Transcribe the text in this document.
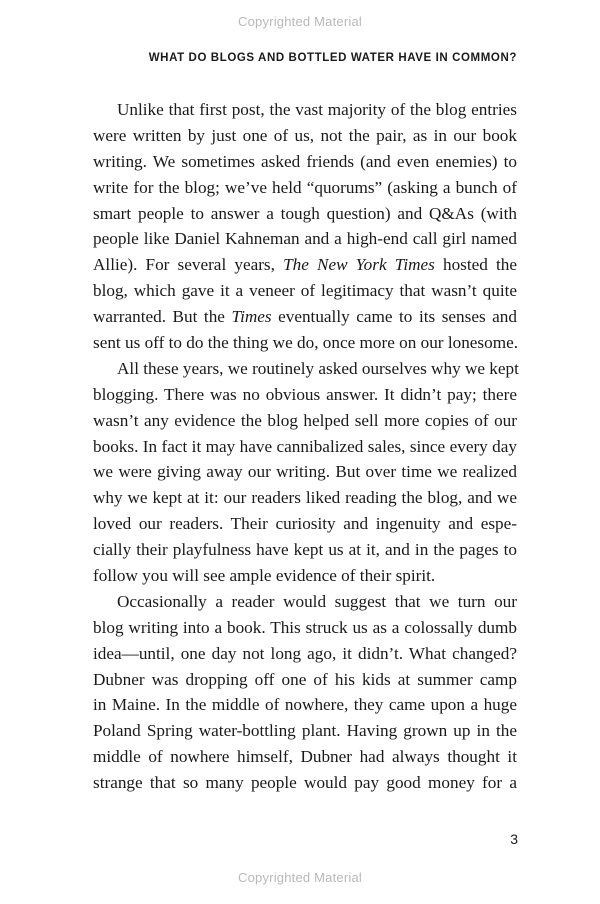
Copyrighted Material
WHAT DO BLOGS AND BOTTLED WATER HAVE IN COMMON?
Unlike that first post, the vast majority of the blog entries
were written by just one of us, not the pair, as in our book
writing. We sometimes asked friends (and even enemies) to
write for the blog; we’ve held “quorums” (asking a bunch of
smart people to answer a tough question) and Q&As (with
people like Daniel Kahneman and a high-end call girl named
Allie). For several years, The New York Times hosted the
blog, which gave it a veneer of legitimacy that wasn’t quite
warranted. But the Times eventually came to its senses and
sent us off to do the thing we do, once more on our lonesome.
All these years, we routinely asked ourselves why we kept
blogging. There was no obvious answer. It didn’t pay; there
wasn’t any evidence the blog helped sell more copies of our
books. In fact it may have cannibalized sales, since every day
we were giving away our writing. But over time we realized
why we kept at it: our readers liked reading the blog, and we
loved our readers. Their curiosity and ingenuity and espe-
cially their playfulness have kept us at it, and in the pages to
follow you will see ample evidence of their spirit.
Occasionally a reader would suggest that we turn our
blog writing into a book. This struck us as a colossally dumb
idea—until, one day not long ago, it didn’t. What changed?
Dubner was dropping off one of his kids at summer camp
in Maine. In the middle of nowhere, they came upon a huge
Poland Spring water-bottling plant. Having grown up in the
middle of nowhere himself, Dubner had always thought it
strange that so many people would pay good money for a
3
Copyrighted Material
